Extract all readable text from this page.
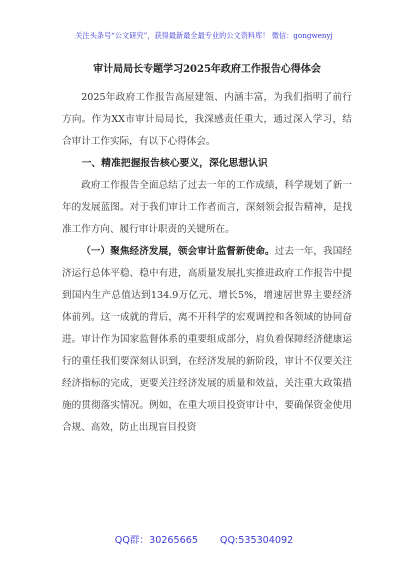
关注头条号“公文研究”，获得最新最全最专业的公文资料库！ 微信：gongwenyj
审计局局长专题学习2025年政府工作报告心得体会

2025年政府工作报告高屋建瓴、内涵丰富，为我们指明了前行方向。作为XX市审计局局长，我深感责任重大，通过深入学习，结合审计工作实际，有以下心得体会。

一、精准把握报告核心要义，深化思想认识

政府工作报告全面总结了过去一年的工作成绩，科学规划了新一年的发展蓝图。对于我们审计工作者而言，深刻领会报告精神，是找准工作方向、履行审计职责的关键所在。

（一）聚焦经济发展，领会审计监督新使命。过去一年，我国经济运行总体平稳、稳中有进，高质量发展扎实推进政府工作报告中提到国内生产总值达到134.9万亿元、增长5%，增速居世界主要经济体前列。这一成就的背后，离不开科学的宏观调控和各领域的协同奋进。审计作为国家监督体系的重要组成部分，肩负着保障经济健康运行的重任我们要深刻认识到，在经济发展的新阶段，审计不仅要关注经济指标的完成，更要关注经济发展的质量和效益，关注重大政策措施的贯彻落实情况。例如，在重大项目投资审计中，要确保资金使用合规、高效，防止出现盲目投资

QQ群：30265665 QQ:535304092
